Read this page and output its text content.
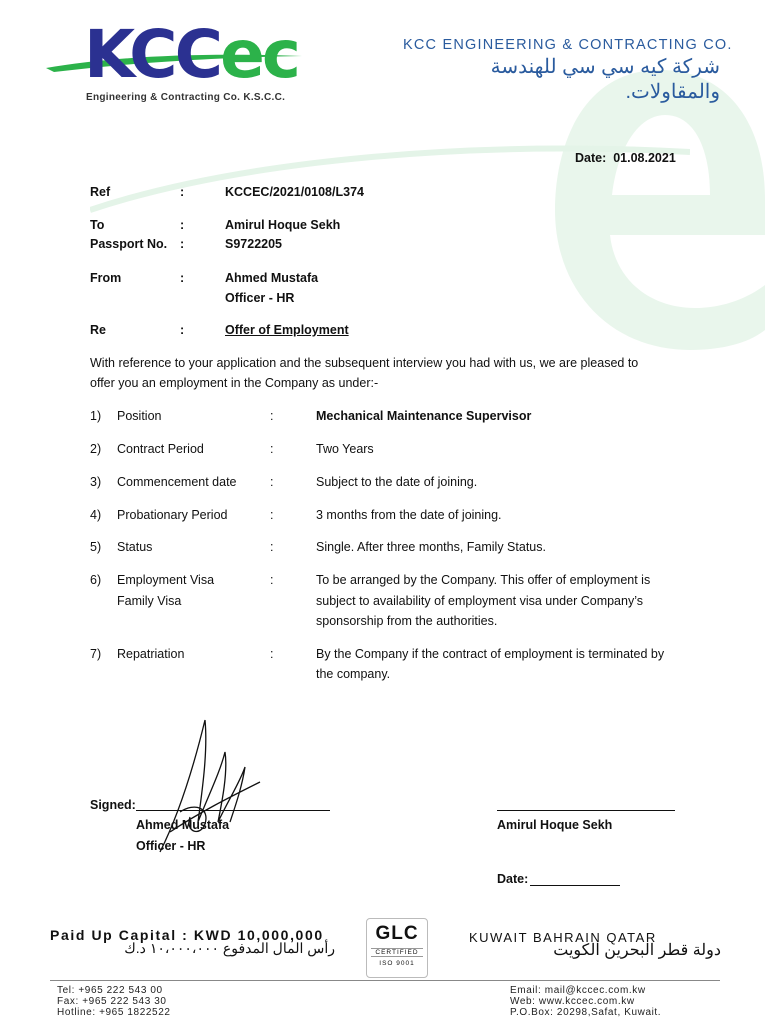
KCCec
Engineering & Contracting Co. K.S.C.C.
KCC ENGINEERING & CONTRACTING CO.
شركة كيه سي سي للهندسة والمقاولات.
Date: 01.08.2021
Ref	:	KCCEC/2021/0108/L374
To	:	Amirul Hoque Sekh
Passport No. :	S9722205
From	:	Ahmed Mustafa
Officer - HR
Re	:	Offer of Employment
With reference to your application and the subsequent interview you had with us, we are pleased to
offer you an employment in the Company as under:-
1) Position	:	Mechanical Maintenance Supervisor
2) Contract Period	:	Two Years
3) Commencement date	:	Subject to the date of joining.
4) Probationary Period	:	3 months from the date of joining.
5) Status	:	Single. After three months, Family Status.
6) Employment Visa
Family Visa
:	To be arranged by the Company. This offer of employment is
subject to availability of employment visa under Company’s
sponsorship from the authorities.
7) Repatriation	:	By the Company if the contract of employment is terminated by
the company.
Signed:
Ahmed Mustafa
Officer - HR
Amirul Hoque Sekh
Date:
Paid Up Capital : KWD 10,000,000
رأس المال المدفوع ١٠،٠٠٠،٠٠٠ د.ك
GLC
CERTIFIED
ISO 9001
KUWAIT BAHRAIN QATAR
دولة قطر البحرين الكويت
Tel: +965 222 543 00
Fax: +965 222 543 30
Hotline: +965 1822522
Email: mail@kccec.com.kw
Web: www.kccec.com.kw
P.O.Box: 20298,Safat, Kuwait.
